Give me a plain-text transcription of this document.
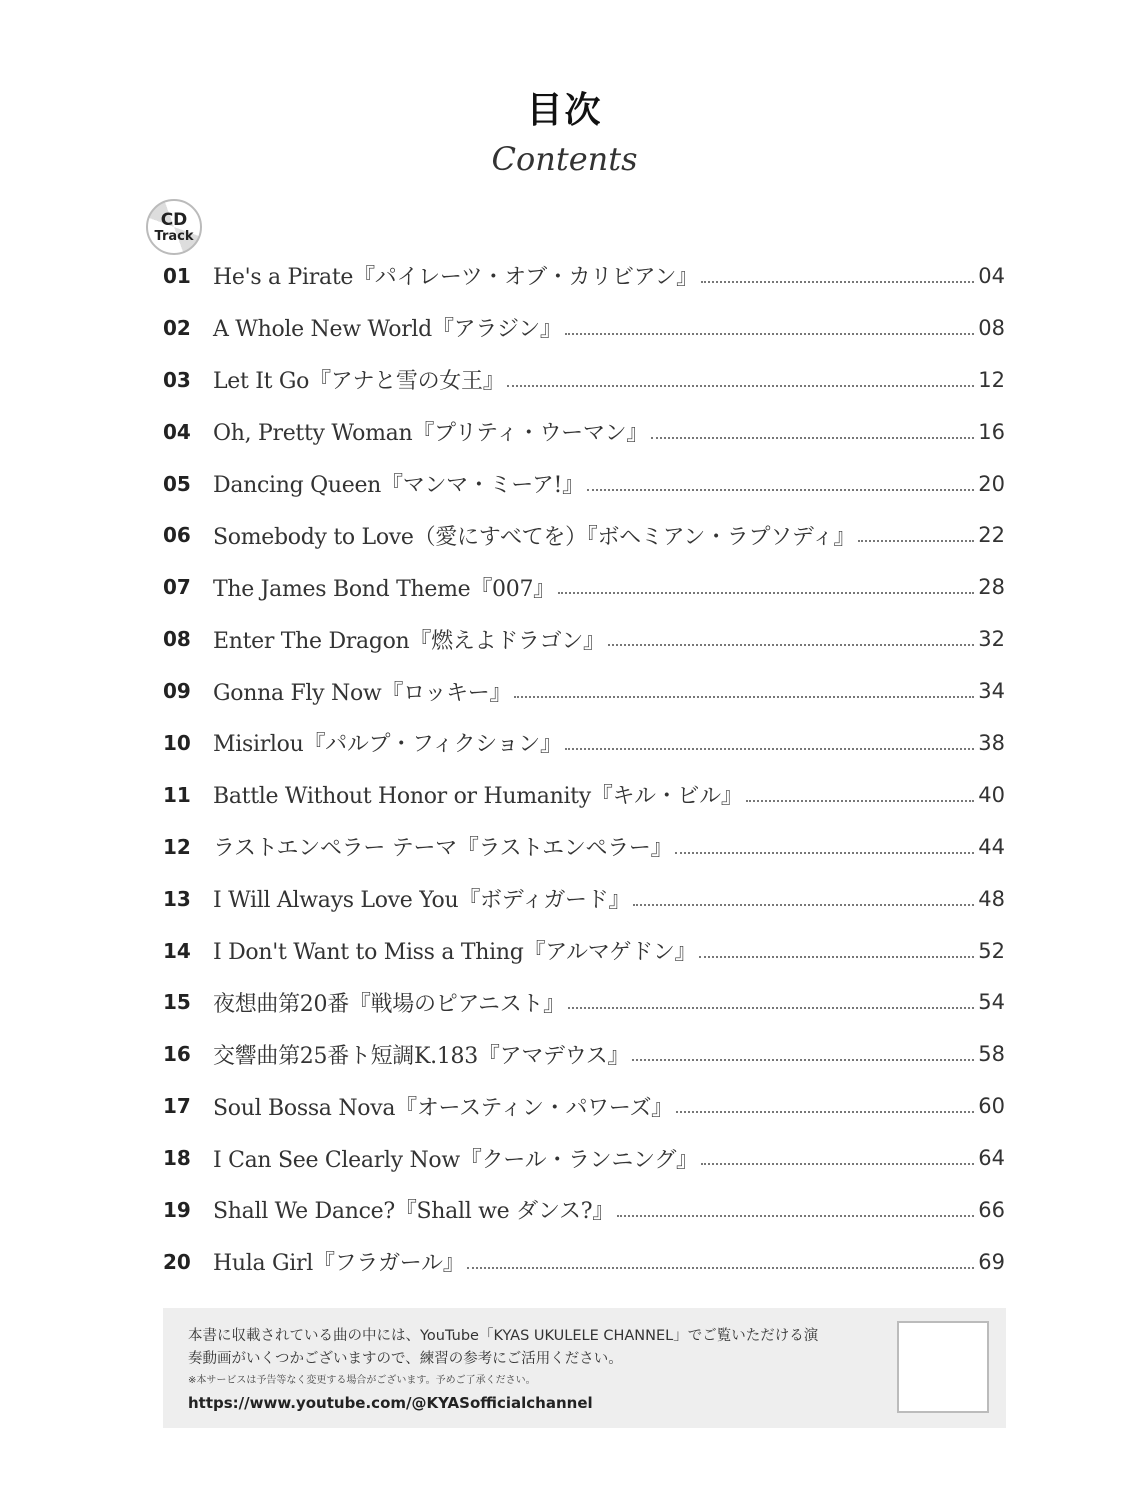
目次
Contents
CD
Track
01	He's a Pirate『パイレーツ・オブ・カリビアン』	04
02	A Whole New World『アラジン』	08
03	Let It Go『アナと雪の女王』	12
04	Oh, Pretty Woman『プリティ・ウーマン』	16
05	Dancing Queen『マンマ・ミーア!』	20
06	Somebody to Love（愛にすべてを）『ボヘミアン・ラプソディ』	22
07	The James Bond Theme『007』	28
08	Enter The Dragon『燃えよドラゴン』	32
09	Gonna Fly Now『ロッキー』	34
10	Misirlou『パルプ・フィクション』	38
11	Battle Without Honor or Humanity『キル・ビル』	40
12	ラストエンペラー テーマ『ラストエンペラー』	44
13	I Will Always Love You『ボディガード』	48
14	I Don't Want to Miss a Thing『アルマゲドン』	52
15	夜想曲第20番『戦場のピアニスト』	54
16	交響曲第25番ト短調K.183『アマデウス』	58
17	Soul Bossa Nova『オースティン・パワーズ』	60
18	I Can See Clearly Now『クール・ランニング』	64
19	Shall We Dance?『Shall we ダンス?』	66
20	Hula Girl『フラガール』	69
本書に収載されている曲の中には、YouTube「KYAS UKULELE CHANNEL」でご覧いただける演
奏動画がいくつかございますので、練習の参考にご活用ください。
※本サービスは予告等なく変更する場合がございます。予めご了承ください。
https://www.youtube.com/@KYASofficialchannel
